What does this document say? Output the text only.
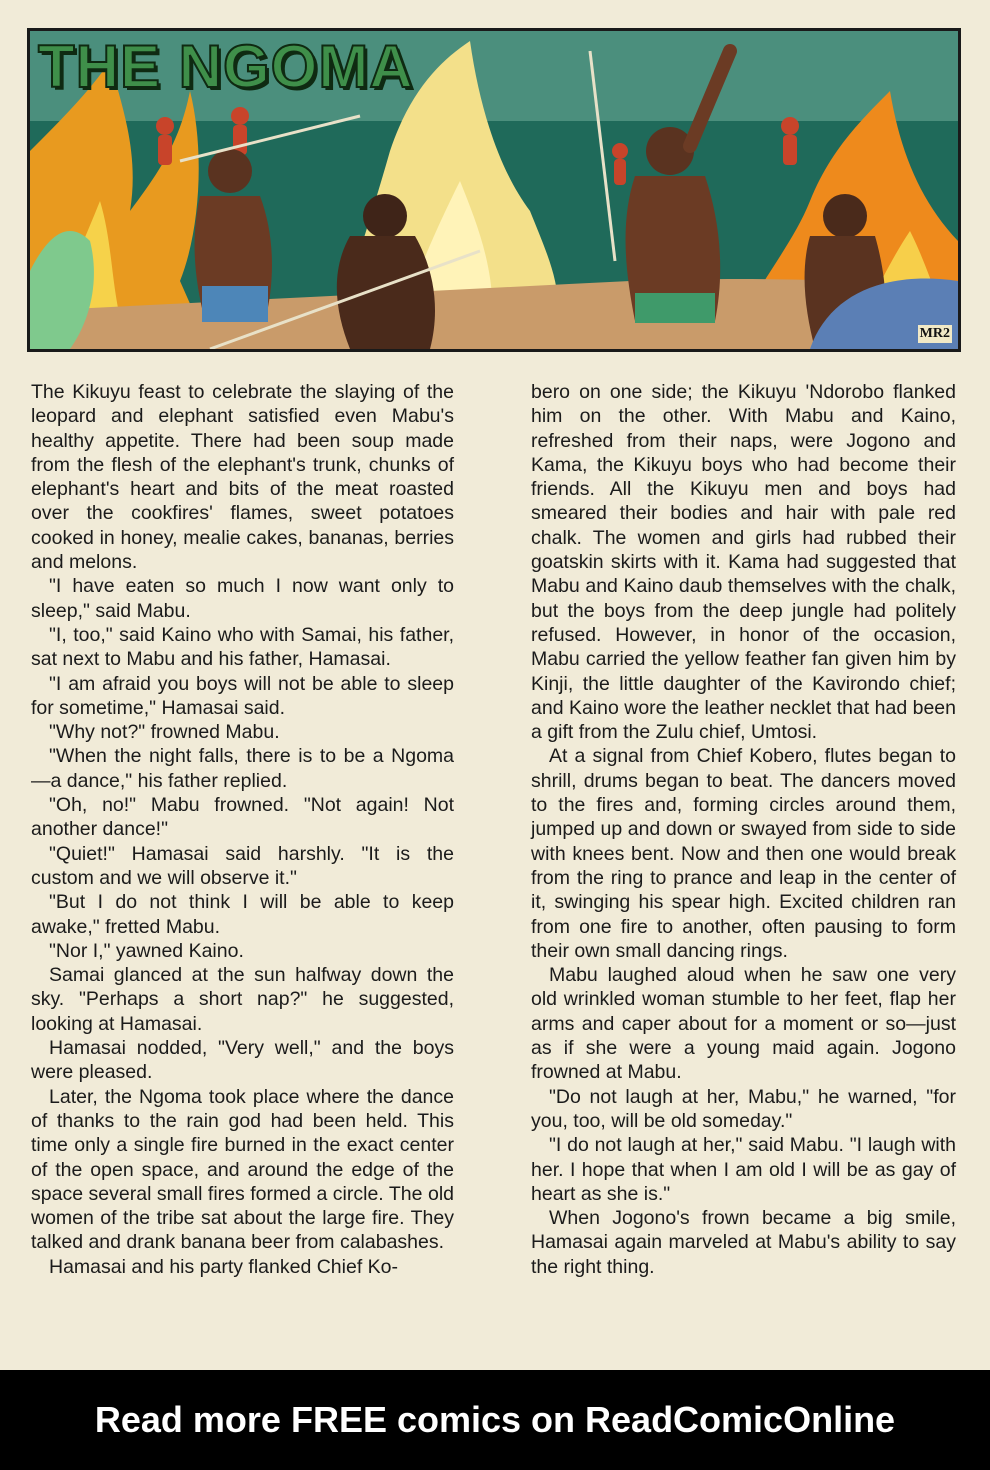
THE NGOMA
MR2

The Kikuyu feast to celebrate the slaying of the leopard and elephant satisfied even Mabu's healthy appetite. There had been soup made from the flesh of the elephant's trunk, chunks of elephant's heart and bits of the meat roasted over the cookfires' flames, sweet potatoes cooked in honey, mealie cakes, bananas, berries and melons.

"I have eaten so much I now want only to sleep," said Mabu.

"I, too," said Kaino who with Samai, his father, sat next to Mabu and his father, Hamasai.

"I am afraid you boys will not be able to sleep for sometime," Hamasai said.

"Why not?" frowned Mabu.

"When the night falls, there is to be a Ngoma—a dance," his father replied.

"Oh, no!" Mabu frowned. "Not again! Not another dance!"

"Quiet!" Hamasai said harshly. "It is the custom and we will observe it."

"But I do not think I will be able to keep awake," fretted Mabu.

"Nor I," yawned Kaino.

Samai glanced at the sun halfway down the sky. "Perhaps a short nap?" he suggested, looking at Hamasai.

Hamasai nodded, "Very well," and the boys were pleased.

Later, the Ngoma took place where the dance of thanks to the rain god had been held. This time only a single fire burned in the exact center of the open space, and around the edge of the space several small fires formed a circle. The old women of the tribe sat about the large fire. They talked and drank banana beer from calabashes.

Hamasai and his party flanked Chief Ko-

bero on one side; the Kikuyu 'Ndorobo flanked him on the other. With Mabu and Kaino, refreshed from their naps, were Jogono and Kama, the Kikuyu boys who had become their friends. All the Kikuyu men and boys had smeared their bodies and hair with pale red chalk. The women and girls had rubbed their goatskin skirts with it. Kama had suggested that Mabu and Kaino daub themselves with the chalk, but the boys from the deep jungle had politely refused. However, in honor of the occasion, Mabu carried the yellow feather fan given him by Kinji, the little daughter of the Kavirondo chief; and Kaino wore the leather necklet that had been a gift from the Zulu chief, Umtosi.

At a signal from Chief Kobero, flutes began to shrill, drums began to beat. The dancers moved to the fires and, forming circles around them, jumped up and down or swayed from side to side with knees bent. Now and then one would break from the ring to prance and leap in the center of it, swinging his spear high. Excited children ran from one fire to another, often pausing to form their own small dancing rings.

Mabu laughed aloud when he saw one very old wrinkled woman stumble to her feet, flap her arms and caper about for a moment or so—just as if she were a young maid again. Jogono frowned at Mabu.

"Do not laugh at her, Mabu," he warned, "for you, too, will be old someday."

"I do not laugh at her," said Mabu. "I laugh with her. I hope that when I am old I will be as gay of heart as she is."

When Jogono's frown became a big smile, Hamasai again marveled at Mabu's ability to say the right thing.

Read more FREE comics on ReadComicOnline
